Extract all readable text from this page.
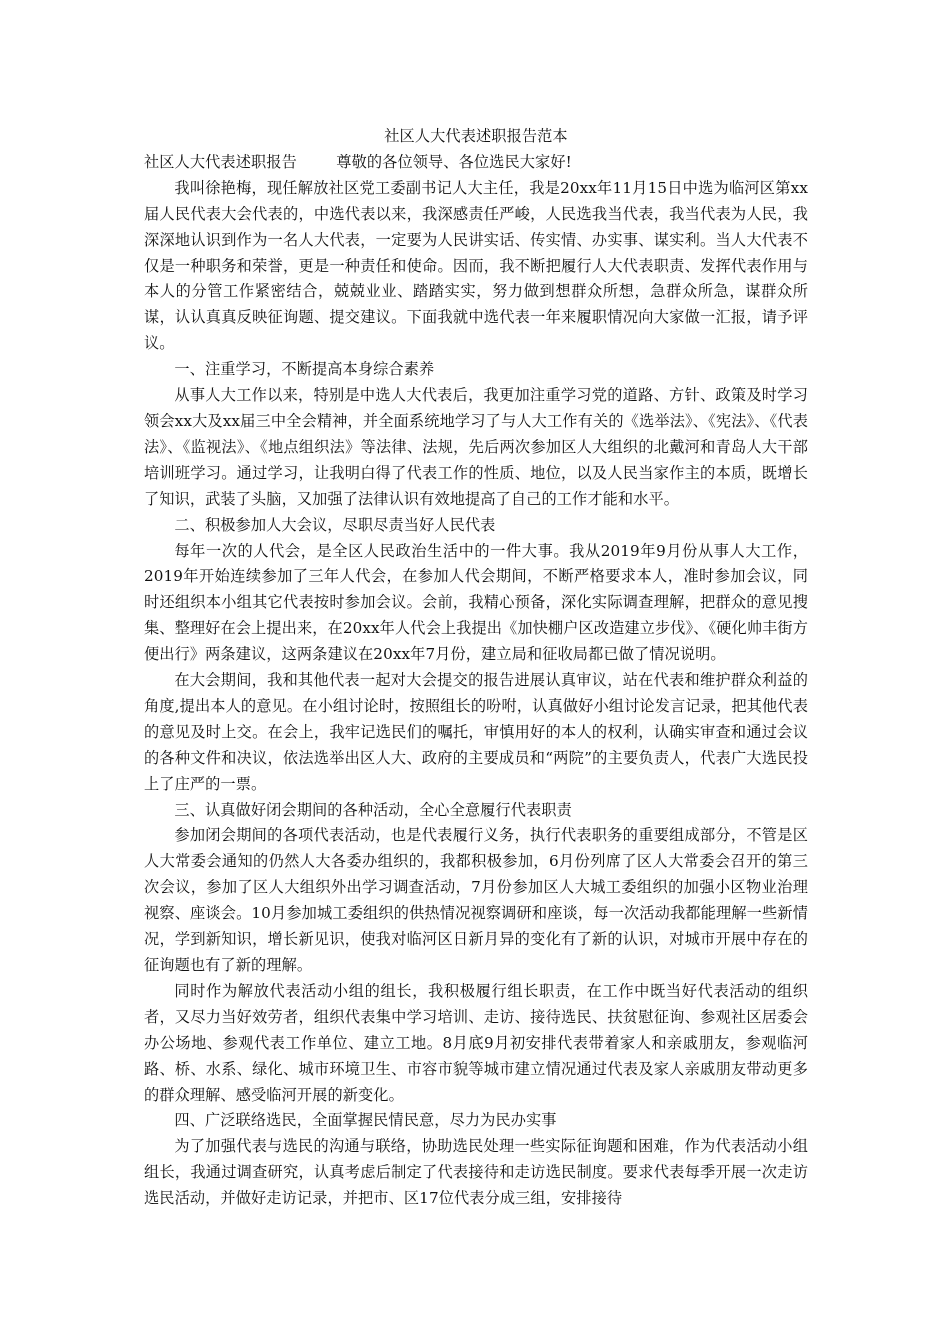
社区人大代表述职报告范本

社区人大代表述职报告        尊敬的各位领导、各位选民大家好!

我叫徐艳梅，现任解放社区党工委副书记人大主任，我是20xx年11月15日中选为临河区第xx届人民代表大会代表的，中选代表以来，我深感责任严峻，人民选我当代表，我当代表为人民，我深深地认识到作为一名人大代表，一定要为人民讲实话、传实情、办实事、谋实利。当人大代表不仅是一种职务和荣誉，更是一种责任和使命。因而，我不断把履行人大代表职责、发挥代表作用与本人的分管工作紧密结合，兢兢业业、踏踏实实，努力做到想群众所想，急群众所急，谋群众所谋，认认真真反映征询题、提交建议。下面我就中选代表一年来履职情况向大家做一汇报，请予评议。

一、注重学习，不断提高本身综合素养

从事人大工作以来，特别是中选人大代表后，我更加注重学习党的道路、方针、政策及时学习领会xx大及xx届三中全会精神，并全面系统地学习了与人大工作有关的《选举法》、《宪法》、《代表法》、《监视法》、《地点组织法》等法律、法规，先后两次参加区人大组织的北戴河和青岛人大干部培训班学习。通过学习，让我明白得了代表工作的性质、地位，以及人民当家作主的本质，既增长了知识，武装了头脑，又加强了法律认识有效地提高了自己的工作才能和水平。

二、积极参加人大会议，尽职尽责当好人民代表

每年一次的人代会，是全区人民政治生活中的一件大事。我从2019年9月份从事人大工作，2019年开始连续参加了三年人代会，在参加人代会期间，不断严格要求本人，准时参加会议，同时还组织本小组其它代表按时参加会议。会前，我精心预备，深化实际调查理解，把群众的意见搜集、整理好在会上提出来，在20xx年人代会上我提出《加快棚户区改造建立步伐》、《硬化帅丰街方便出行》两条建议，这两条建议在20xx年7月份，建立局和征收局都已做了情况说明。

在大会期间，我和其他代表一起对大会提交的报告进展认真审议，站在代表和维护群众利益的角度,提出本人的意见。在小组讨论时，按照组长的吩咐，认真做好小组讨论发言记录，把其他代表的意见及时上交。在会上，我牢记选民们的嘱托，审慎用好的本人的权利，认确实审查和通过会议的各种文件和决议，依法选举出区人大、政府的主要成员和“两院”的主要负责人，代表广大选民投上了庄严的一票。

三、认真做好闭会期间的各种活动，全心全意履行代表职责

参加闭会期间的各项代表活动，也是代表履行义务，执行代表职务的重要组成部分，不管是区人大常委会通知的仍然人大各委办组织的，我都积极参加，6月份列席了区人大常委会召开的第三次会议，参加了区人大组织外出学习调查活动，7月份参加区人大城工委组织的加强小区物业治理视察、座谈会。10月参加城工委组织的供热情况视察调研和座谈，每一次活动我都能理解一些新情况，学到新知识，增长新见识，使我对临河区日新月异的变化有了新的认识，对城市开展中存在的征询题也有了新的理解。

同时作为解放代表活动小组的组长，我积极履行组长职责，在工作中既当好代表活动的组织者，又尽力当好效劳者，组织代表集中学习培训、走访、接待选民、扶贫慰征询、参观社区居委会办公场地、参观代表工作单位、建立工地。8月底9月初安排代表带着家人和亲戚朋友，参观临河路、桥、水系、绿化、城市环境卫生、市容市貌等城市建立情况通过代表及家人亲戚朋友带动更多的群众理解、感受临河开展的新变化。

四、广泛联络选民，全面掌握民情民意，尽力为民办实事

为了加强代表与选民的沟通与联络，协助选民处理一些实际征询题和困难，作为代表活动小组组长，我通过调查研究，认真考虑后制定了代表接待和走访选民制度。要求代表每季开展一次走访选民活动，并做好走访记录，并把市、区17位代表分成三组，安排接待
